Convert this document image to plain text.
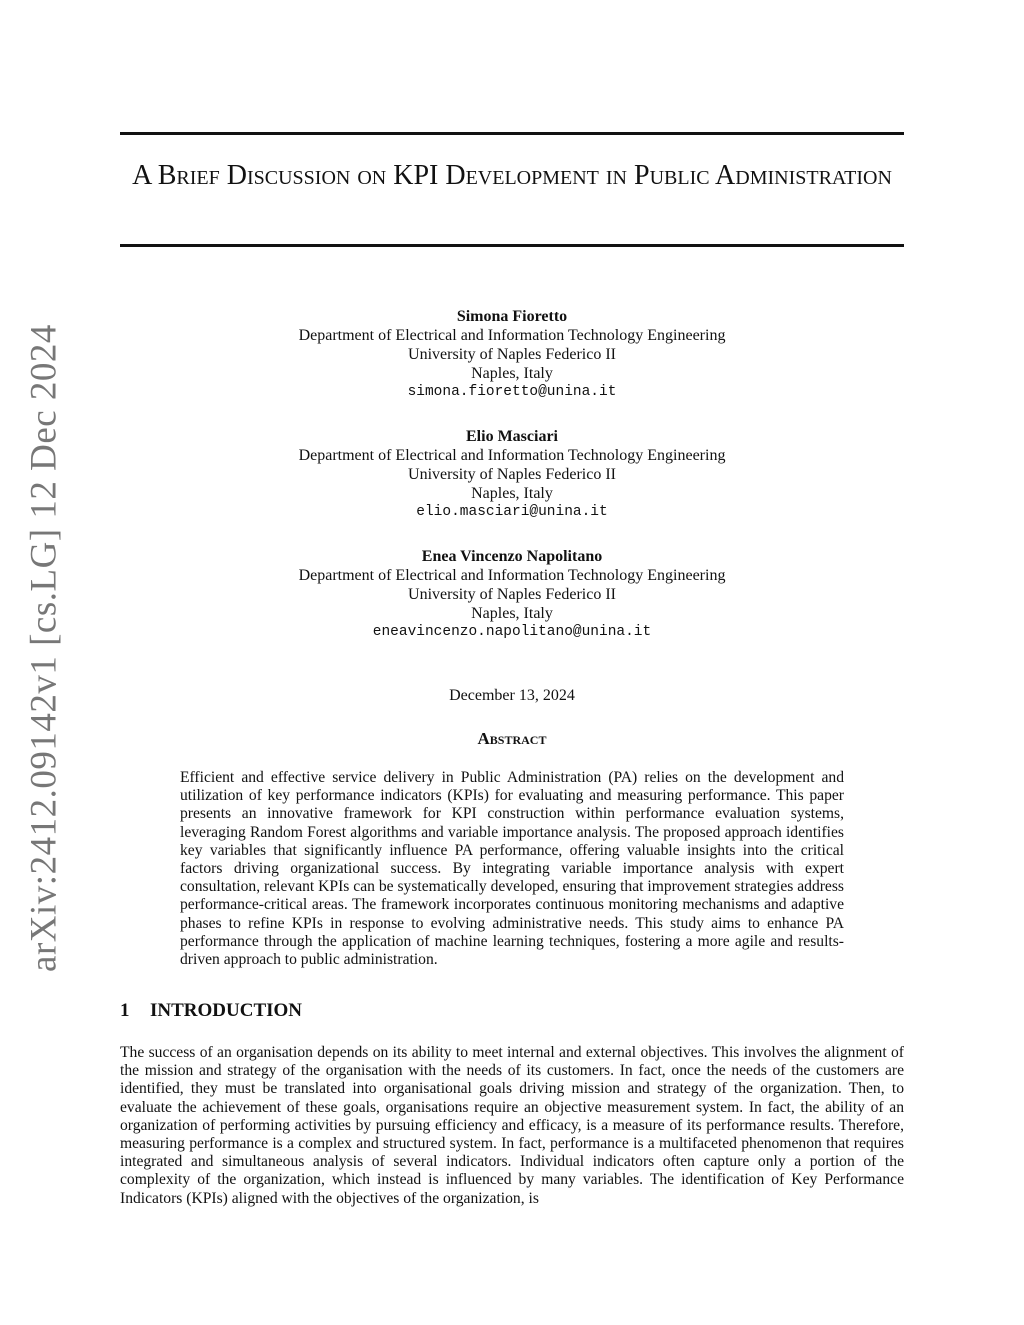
arXiv:2412.09142v1 [cs.LG] 12 Dec 2024
A Brief Discussion on KPI Development in Public Administration
Simona Fioretto
Department of Electrical and Information Technology Engineering
University of Naples Federico II
Naples, Italy
simona.fioretto@unina.it
Elio Masciari
Department of Electrical and Information Technology Engineering
University of Naples Federico II
Naples, Italy
elio.masciari@unina.it
Enea Vincenzo Napolitano
Department of Electrical and Information Technology Engineering
University of Naples Federico II
Naples, Italy
eneavincenzo.napolitano@unina.it
December 13, 2024
Abstract

Efficient and effective service delivery in Public Administration (PA) relies on the development and utilization of key performance indicators (KPIs) for evaluating and measuring performance. This paper presents an innovative framework for KPI construction within performance evaluation systems, leveraging Random Forest algorithms and variable importance analysis. The proposed approach identifies key variables that significantly influence PA performance, offering valuable insights into the critical factors driving organizational success. By integrating variable importance analysis with expert consultation, relevant KPIs can be systematically developed, ensuring that improvement strategies address performance-critical areas. The framework incorporates continuous monitoring mechanisms and adaptive phases to refine KPIs in response to evolving administrative needs. This study aims to enhance PA performance through the application of machine learning techniques, fostering a more agile and results-driven approach to public administration.

1 INTRODUCTION

The success of an organisation depends on its ability to meet internal and external objectives. This involves the alignment of the mission and strategy of the organisation with the needs of its customers. In fact, once the needs of the customers are identified, they must be translated into organisational goals driving mission and strategy of the organization. Then, to evaluate the achievement of these goals, organisations require an objective measurement system. In fact, the ability of an organization of performing activities by pursuing efficiency and efficacy, is a measure of its performance results. Therefore, measuring performance is a complex and structured system. In fact, performance is a multifaceted phenomenon that requires integrated and simultaneous analysis of several indicators. Individual indicators often capture only a portion of the complexity of the organization, which instead is influenced by many variables. The identification of Key Performance Indicators (KPIs) aligned with the objectives of the organization, is
